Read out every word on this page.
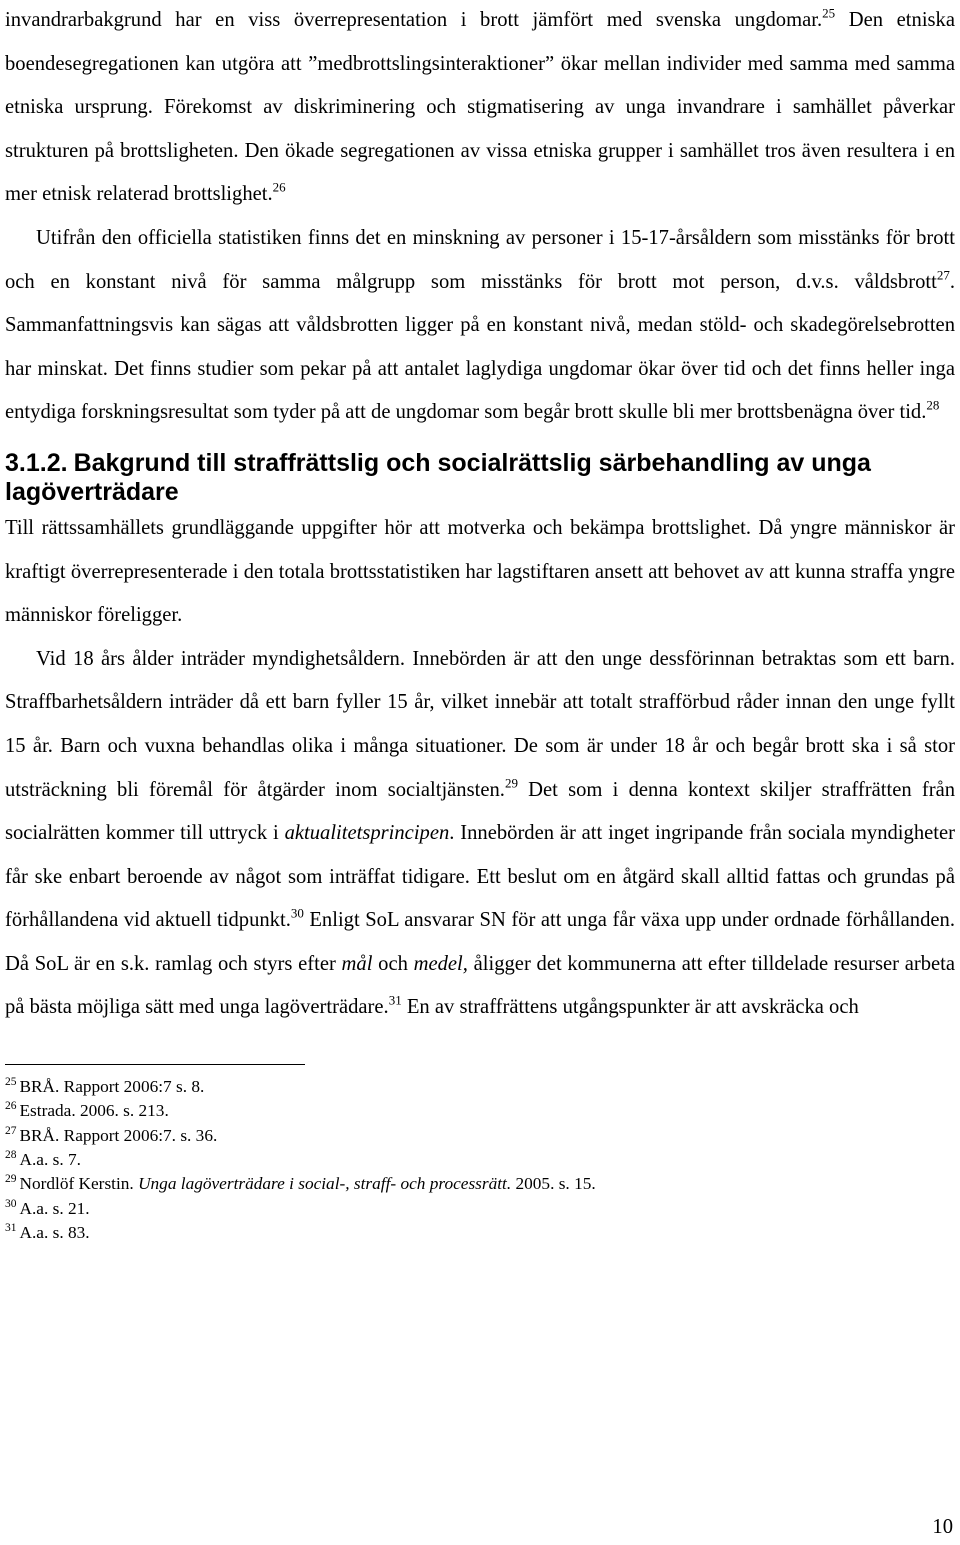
invandrarbakgrund har en viss överrepresentation i brott jämfört med svenska ungdomar.$^{25}$ Den etniska boendesegregationen kan utgöra att ”medbrottslingsinteraktioner” ökar mellan individer med samma med samma etniska ursprung. Förekomst av diskriminering och stigmatisering av unga invandrare i samhället påverkar strukturen på brottsligheten. Den ökade segregationen av vissa etniska grupper i samhället tros även resultera i en mer etnisk relaterad brottslighet.$^{26}$

Utifrån den officiella statistiken finns det en minskning av personer i 15-17-årsåldern som misstänks för brott och en konstant nivå för samma målgrupp som misstänks för brott mot person, d.v.s. våldsbrott$^{27}$. Sammanfattningsvis kan sägas att våldsbrotten ligger på en konstant nivå, medan stöld- och skadegörelsebrotten har minskat. Det finns studier som pekar på att antalet laglydiga ungdomar ökar över tid och det finns heller inga entydiga forskningsresultat som tyder på att de ungdomar som begår brott skulle bli mer brottsbenägna över tid.$^{28}$

3.1.2. Bakgrund till straffrättslig och socialrättslig särbehandling av unga lagöverträdare

Till rättssamhällets grundläggande uppgifter hör att motverka och bekämpa brottslighet. Då yngre människor är kraftigt överrepresenterade i den totala brottsstatistiken har lagstiftaren ansett att behovet av att kunna straffa yngre människor föreligger.

Vid 18 års ålder inträder myndighetsåldern. Innebörden är att den unge dessförinnan betraktas som ett barn. Straffbarhetsåldern inträder då ett barn fyller 15 år, vilket innebär att totalt strafförbud råder innan den unge fyllt 15 år. Barn och vuxna behandlas olika i många situationer. De som är under 18 år och begår brott ska i så stor utsträckning bli föremål för åtgärder inom socialtjänsten.$^{29}$ Det som i denna kontext skiljer straffrätten från socialrätten kommer till uttryck i aktualitetsprincipen. Innebörden är att inget ingripande från sociala myndigheter får ske enbart beroende av något som inträffat tidigare. Ett beslut om en åtgärd skall alltid fattas och grundas på förhållandena vid aktuell tidpunkt.$^{30}$ Enligt SoL ansvarar SN för att unga får växa upp under ordnade förhållanden. Då SoL är en s.k. ramlag och styrs efter mål och medel, åligger det kommunerna att efter tilldelade resurser arbeta på bästa möjliga sätt med unga lagöverträdare.$^{31}$ En av straffrättens utgångspunkter är att avskräcka och

$^{25}$ BRÅ. Rapport 2006:7 s. 8.
$^{26}$ Estrada. 2006. s. 213.
$^{27}$ BRÅ. Rapport 2006:7. s. 36.
$^{28}$ A.a. s. 7.
$^{29}$ Nordlöf Kerstin. Unga lagöverträdare i social-, straff- och processrätt. 2005. s. 15.
$^{30}$ A.a. s. 21.
$^{31}$ A.a. s. 83.
10
